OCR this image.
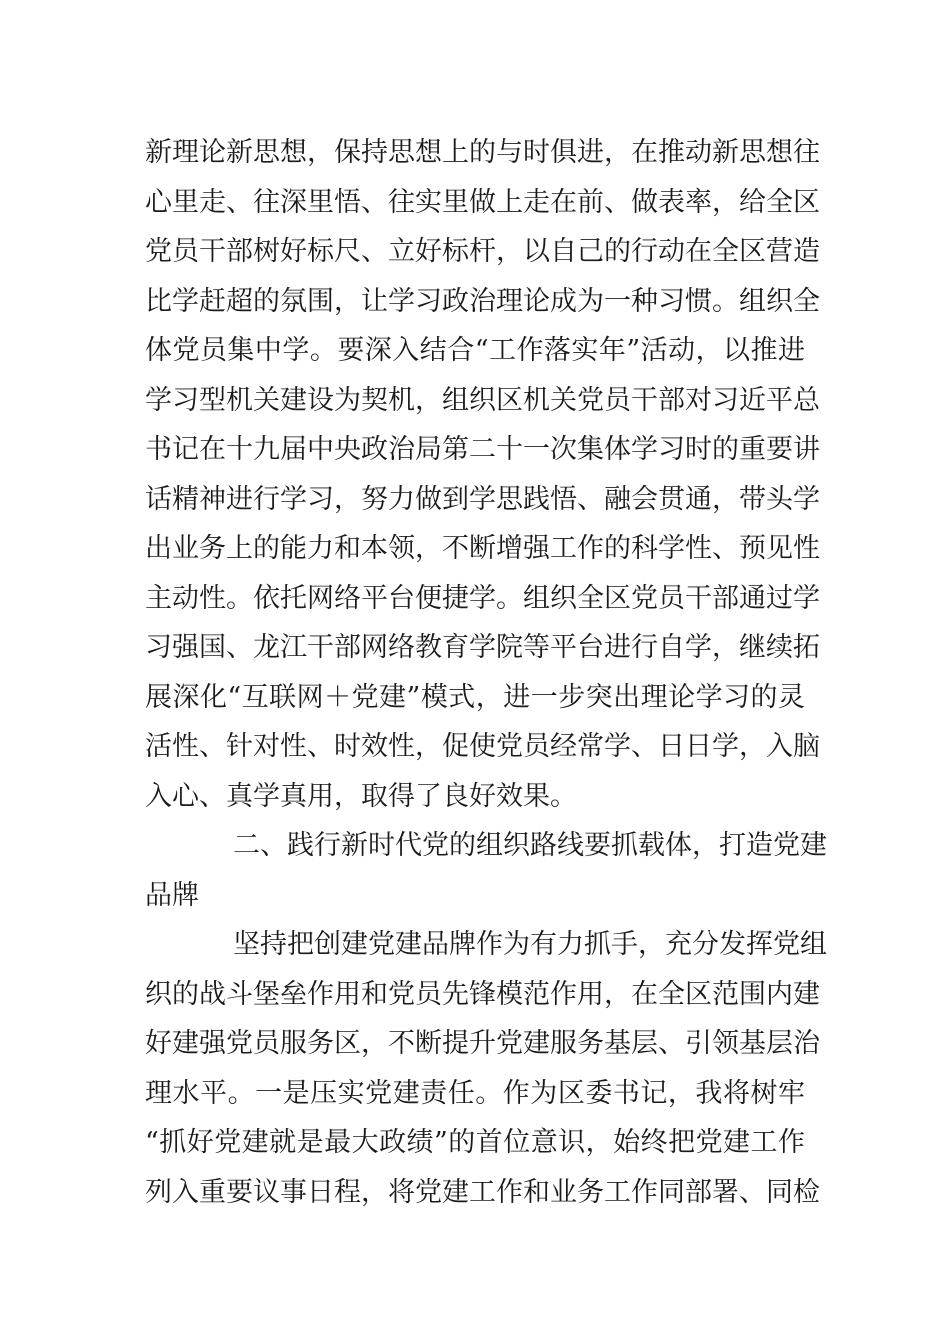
新理论新思想，保持思想上的与时俱进，在推动新思想往
心里走、往深里悟、往实里做上走在前、做表率，给全区
党员干部树好标尺、立好标杆，以自己的行动在全区营造
比学赶超的氛围，让学习政治理论成为一种习惯。组织全
体党员集中学。要深入结合“工作落实年”活动，以推进
学习型机关建设为契机，组织区机关党员干部对习近平总
书记在十九届中央政治局第二十一次集体学习时的重要讲
话精神进行学习，努力做到学思践悟、融会贯通，带头学
出业务上的能力和本领，不断增强工作的科学性、预见性
主动性。依托网络平台便捷学。组织全区党员干部通过学
习强国、龙江干部网络教育学院等平台进行自学，继续拓
展深化“互联网＋党建”模式，进一步突出理论学习的灵
活性、针对性、时效性，促使党员经常学、日日学，入脑
入心、真学真用，取得了良好效果。
二、践行新时代党的组织路线要抓载体，打造党建
品牌
坚持把创建党建品牌作为有力抓手，充分发挥党组
织的战斗堡垒作用和党员先锋模范作用，在全区范围内建
好建强党员服务区，不断提升党建服务基层、引领基层治
理水平。一是压实党建责任。作为区委书记，我将树牢
“抓好党建就是最大政绩”的首位意识，始终把党建工作
列入重要议事日程，将党建工作和业务工作同部署、同检
